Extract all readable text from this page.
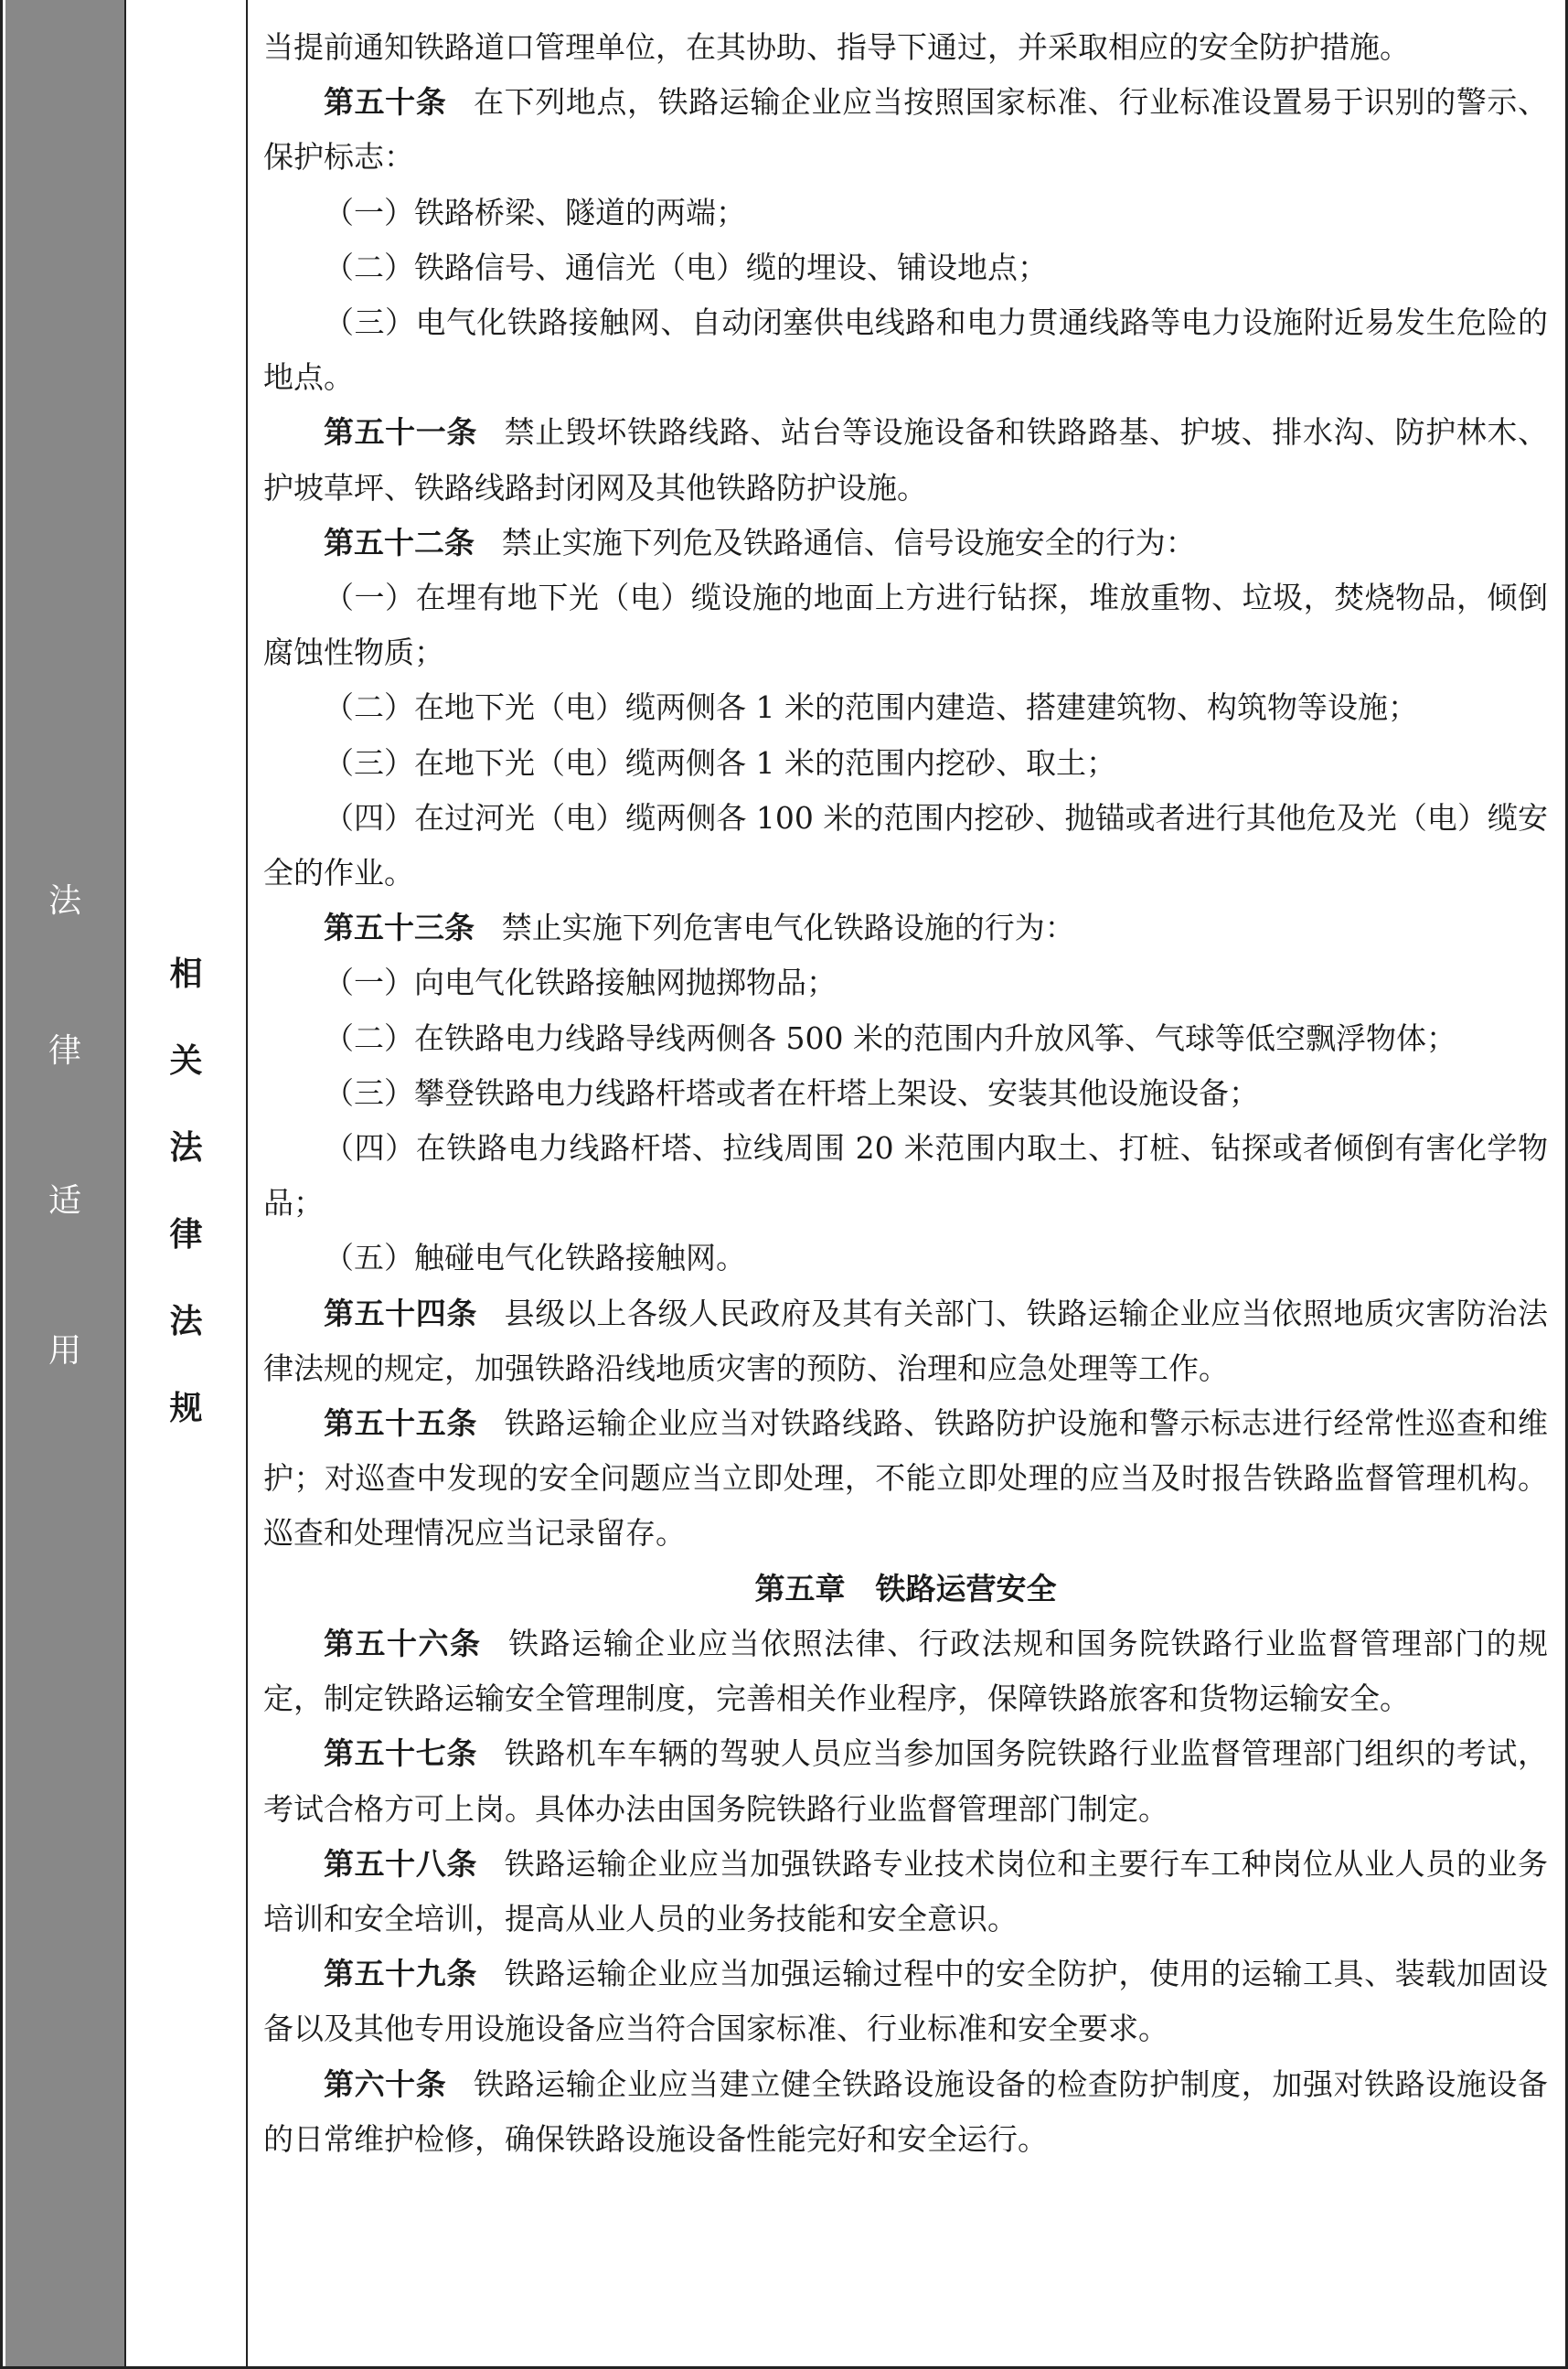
法
律
适
用
相
关
法
律
法
规

当提前通知铁路道口管理单位，在其协助、指导下通过，并采取相应的安全防护措施。

第五十条 在下列地点，铁路运输企业应当按照国家标准、行业标准设置易于识别的警示、保护标志：

（一）铁路桥梁、隧道的两端；

（二）铁路信号、通信光（电）缆的埋设、铺设地点；

（三）电气化铁路接触网、自动闭塞供电线路和电力贯通线路等电力设施附近易发生危险的地点。

第五十一条 禁止毁坏铁路线路、站台等设施设备和铁路路基、护坡、排水沟、防护林木、护坡草坪、铁路线路封闭网及其他铁路防护设施。

第五十二条 禁止实施下列危及铁路通信、信号设施安全的行为：

（一）在埋有地下光（电）缆设施的地面上方进行钻探，堆放重物、垃圾，焚烧物品，倾倒腐蚀性物质；

（二）在地下光（电）缆两侧各 1 米的范围内建造、搭建建筑物、构筑物等设施；

（三）在地下光（电）缆两侧各 1 米的范围内挖砂、取土；

（四）在过河光（电）缆两侧各 100 米的范围内挖砂、抛锚或者进行其他危及光（电）缆安全的作业。

第五十三条 禁止实施下列危害电气化铁路设施的行为：

（一）向电气化铁路接触网抛掷物品；

（二）在铁路电力线路导线两侧各 500 米的范围内升放风筝、气球等低空飘浮物体；

（三）攀登铁路电力线路杆塔或者在杆塔上架设、安装其他设施设备；

（四）在铁路电力线路杆塔、拉线周围 20 米范围内取土、打桩、钻探或者倾倒有害化学物品；

（五）触碰电气化铁路接触网。

第五十四条 县级以上各级人民政府及其有关部门、铁路运输企业应当依照地质灾害防治法律法规的规定，加强铁路沿线地质灾害的预防、治理和应急处理等工作。

第五十五条 铁路运输企业应当对铁路线路、铁路防护设施和警示标志进行经常性巡查和维护；对巡查中发现的安全问题应当立即处理，不能立即处理的应当及时报告铁路监督管理机构。巡查和处理情况应当记录留存。

第五章　铁路运营安全

第五十六条 铁路运输企业应当依照法律、行政法规和国务院铁路行业监督管理部门的规定，制定铁路运输安全管理制度，完善相关作业程序，保障铁路旅客和货物运输安全。

第五十七条 铁路机车车辆的驾驶人员应当参加国务院铁路行业监督管理部门组织的考试，考试合格方可上岗。具体办法由国务院铁路行业监督管理部门制定。

第五十八条 铁路运输企业应当加强铁路专业技术岗位和主要行车工种岗位从业人员的业务培训和安全培训，提高从业人员的业务技能和安全意识。

第五十九条 铁路运输企业应当加强运输过程中的安全防护，使用的运输工具、装载加固设备以及其他专用设施设备应当符合国家标准、行业标准和安全要求。

第六十条 铁路运输企业应当建立健全铁路设施设备的检查防护制度，加强对铁路设施设备的日常维护检修，确保铁路设施设备性能完好和安全运行。
